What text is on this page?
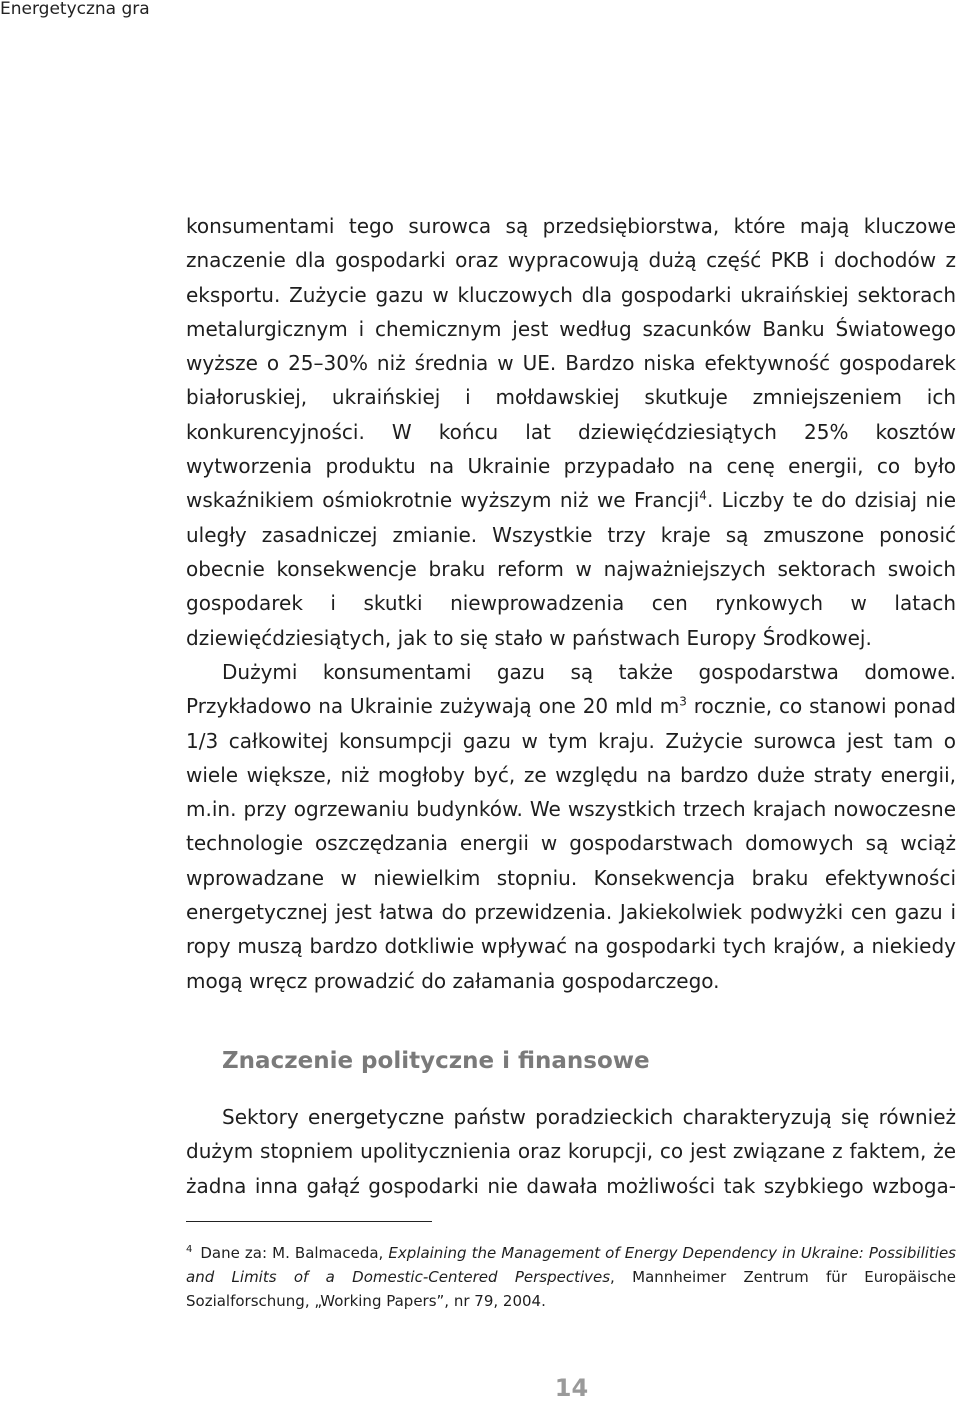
Energetyczna gra

konsumentami tego surowca są przedsiębiorstwa, które mają kluczowe znaczenie dla gospodarki oraz wypracowują dużą część PKB i dochodów z eksportu. Zużycie gazu w kluczowych dla gospodarki ukraińskiej sektorach metalurgicznym i chemicznym jest według szacunków Banku Światowego wyższe o 25–30% niż średnia w UE. Bardzo niska efektywność gospodarek białoruskiej, ukraińskiej i mołdawskiej skutkuje zmniejszeniem ich konkurencyjności. W końcu lat dziewięćdziesiątych 25% kosztów wytworzenia produktu na Ukrainie przypadało na cenę energii, co było wskaźnikiem ośmiokrotnie wyższym niż we Francji$^4$. Liczby te do dzisiaj nie uległy zasadniczej zmianie. Wszystkie trzy kraje są zmuszone ponosić obecnie konsekwencje braku reform w najważniejszych sektorach swoich gospodarek i skutki niewprowadzenia cen rynkowych w latach dziewięćdziesiątych, jak to się stało w państwach Europy Środkowej.

Dużymi konsumentami gazu są także gospodarstwa domowe. Przykładowo na Ukrainie zużywają one 20 mld $m^3$ rocznie, co stanowi ponad 1/3 całkowitej konsumpcji gazu w tym kraju. Zużycie surowca jest tam o wiele większe, niż mogłoby być, ze względu na bardzo duże straty energii, m.in. przy ogrzewaniu budynków. We wszystkich trzech krajach nowoczesne technologie oszczędzania energii w gospodarstwach domowych są wciąż wprowadzane w niewielkim stopniu. Konsekwencja braku efektywności energetycznej jest łatwa do przewidzenia. Jakiekolwiek podwyżki cen gazu i ropy muszą bardzo dotkliwie wpływać na gospodarki tych krajów, a niekiedy mogą wręcz prowadzić do załamania gospodarczego.

Znaczenie polityczne i finansowe

Sektory energetyczne państw poradzieckich charakteryzują się również dużym stopniem upolitycznienia oraz korupcji, co jest związane z faktem, że żadna inna gałąź gospodarki nie dawała możliwości tak szybkiego wzboga-

$^4$ Dane za: M. Balmaceda, Explaining the Management of Energy Dependency in Ukraine: Possibilities and Limits of a Domestic-Centered Perspectives, Mannheimer Zentrum für Europäische Sozialforschung, „Working Papers”, nr 79, 2004.

14
